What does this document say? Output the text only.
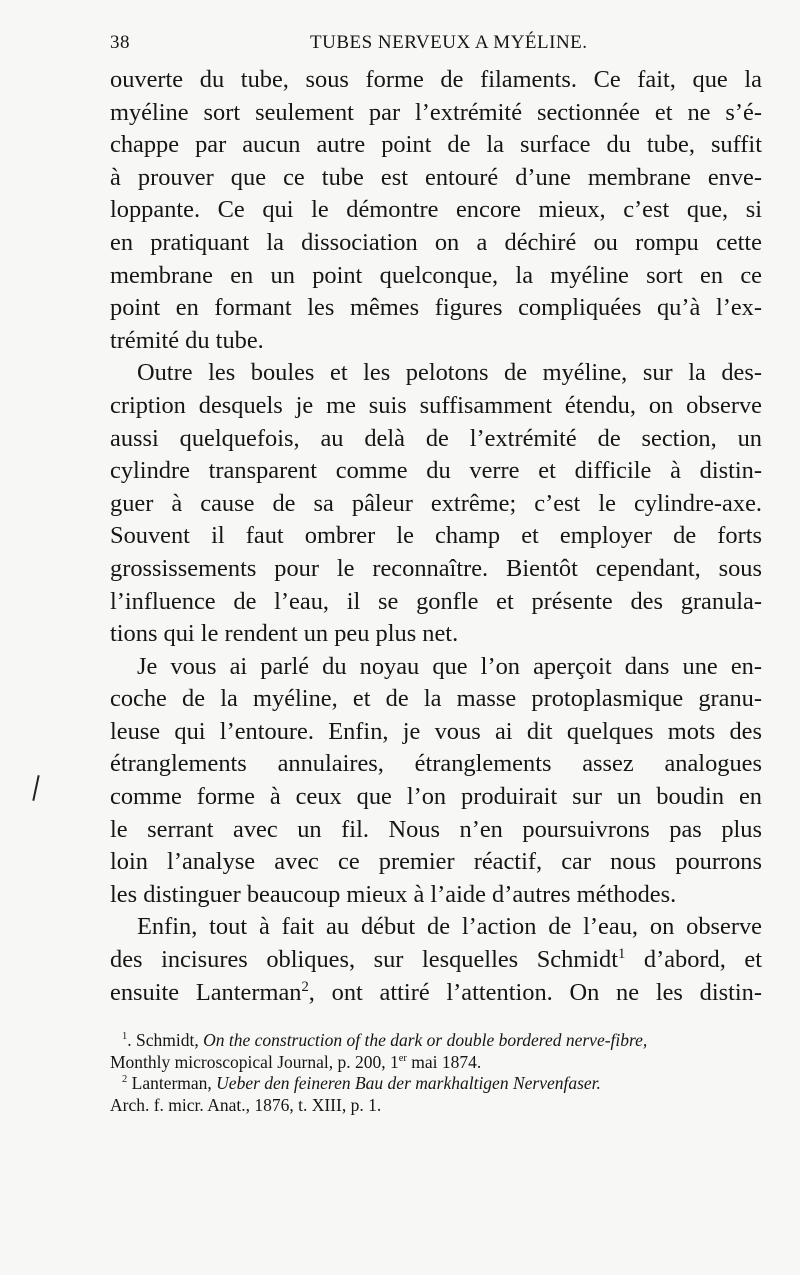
38	TUBES NERVEUX A MYÉLINE.

ouverte du tube, sous forme de filaments. Ce fait, que la
myéline sort seulement par l’extrémité sectionnée et ne s’é-
chappe par aucun autre point de la surface du tube, suffit
à prouver que ce tube est entouré d’une membrane enve-
loppante. Ce qui le démontre encore mieux, c’est que, si
en pratiquant la dissociation on a déchiré ou rompu cette
membrane en un point quelconque, la myéline sort en ce
point en formant les mêmes figures compliquées qu’à l’ex-
trémité du tube.

Outre les boules et les pelotons de myéline, sur la des-
cription desquels je me suis suffisamment étendu, on observe
aussi quelquefois, au delà de l’extrémité de section, un
cylindre transparent comme du verre et difficile à distin-
guer à cause de sa pâleur extrême; c’est le cylindre-axe.
Souvent il faut ombrer le champ et employer de forts
grossissements pour le reconnaître. Bientôt cependant, sous
l’influence de l’eau, il se gonfle et présente des granula-
tions qui le rendent un peu plus net.

Je vous ai parlé du noyau que l’on aperçoit dans une en-
coche de la myéline, et de la masse protoplasmique granu-
leuse qui l’entoure. Enfin, je vous ai dit quelques mots des
étranglements annulaires, étranglements assez analogues
comme forme à ceux que l’on produirait sur un boudin en
le serrant avec un fil. Nous n’en poursuivrons pas plus
loin l’analyse avec ce premier réactif, car nous pourrons
les distinguer beaucoup mieux à l’aide d’autres méthodes.

Enfin, tout à fait au début de l’action de l’eau, on observe
des incisures obliques, sur lesquelles Schmidt$^1$ d’abord, et
ensuite Lanterman$^2$, ont attiré l’attention. On ne les distin-

$^1$. Schmidt, On the construction of the dark or double bordered nerve-fibre,
Monthly microscopical Journal, p. 200, 1er mai 1874.
$^2$ Lanterman, Ueber den feineren Bau der markhaltigen Nervenfaser.
Arch. f. micr. Anat., 1876, t. XIII, p. 1.
